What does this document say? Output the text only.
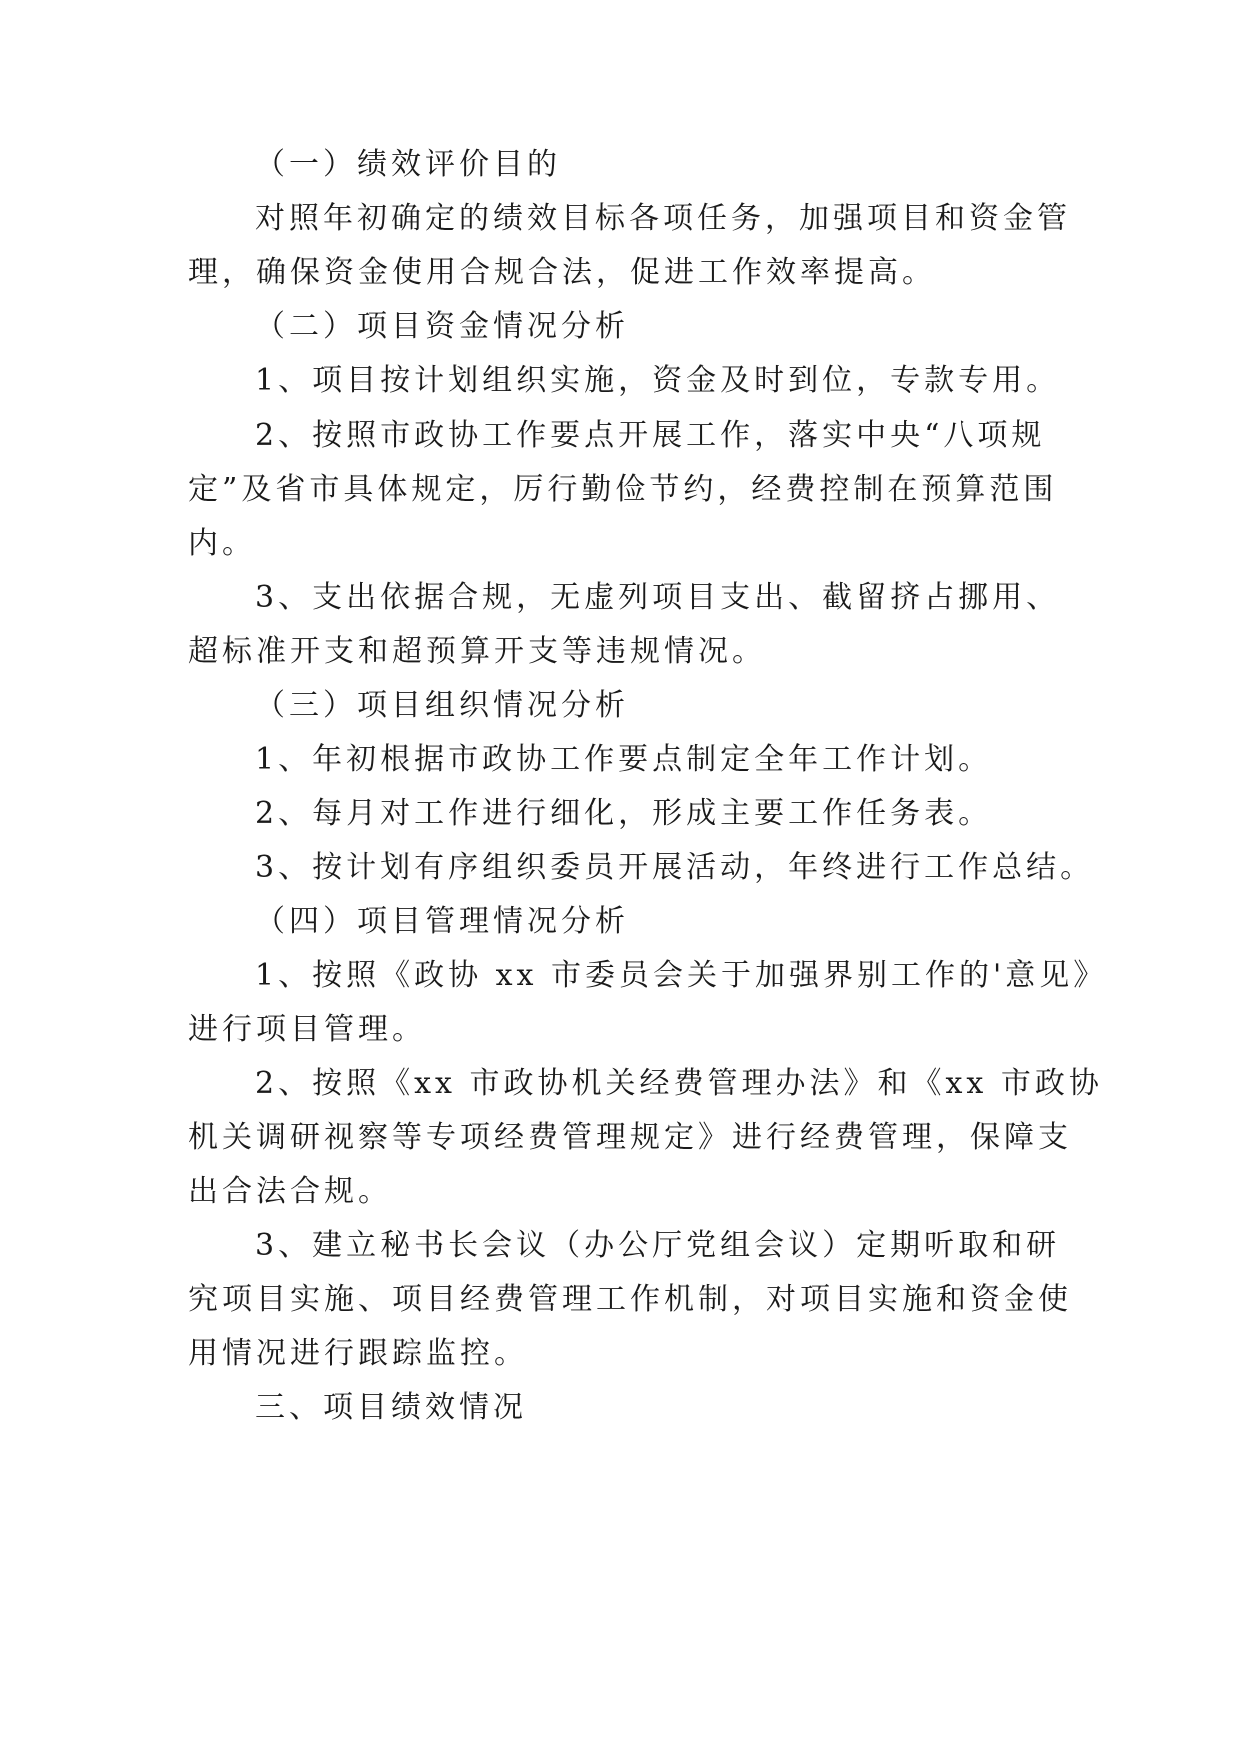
（一）绩效评价目的
对照年初确定的绩效目标各项任务，加强项目和资金管
理，确保资金使用合规合法，促进工作效率提高。
（二）项目资金情况分析
1、项目按计划组织实施，资金及时到位，专款专用。
2、按照市政协工作要点开展工作，落实中央“八项规
定”及省市具体规定，厉行勤俭节约，经费控制在预算范围
内。
3、支出依据合规，无虚列项目支出、截留挤占挪用、
超标准开支和超预算开支等违规情况。
（三）项目组织情况分析
1、年初根据市政协工作要点制定全年工作计划。
2、每月对工作进行细化，形成主要工作任务表。
3、按计划有序组织委员开展活动，年终进行工作总结。
（四）项目管理情况分析
1、按照《政协 xx 市委员会关于加强界别工作的'意见》
进行项目管理。
2、按照《xx 市政协机关经费管理办法》和《xx 市政协
机关调研视察等专项经费管理规定》进行经费管理，保障支
出合法合规。
3、建立秘书长会议（办公厅党组会议）定期听取和研
究项目实施、项目经费管理工作机制，对项目实施和资金使
用情况进行跟踪监控。
三、项目绩效情况
